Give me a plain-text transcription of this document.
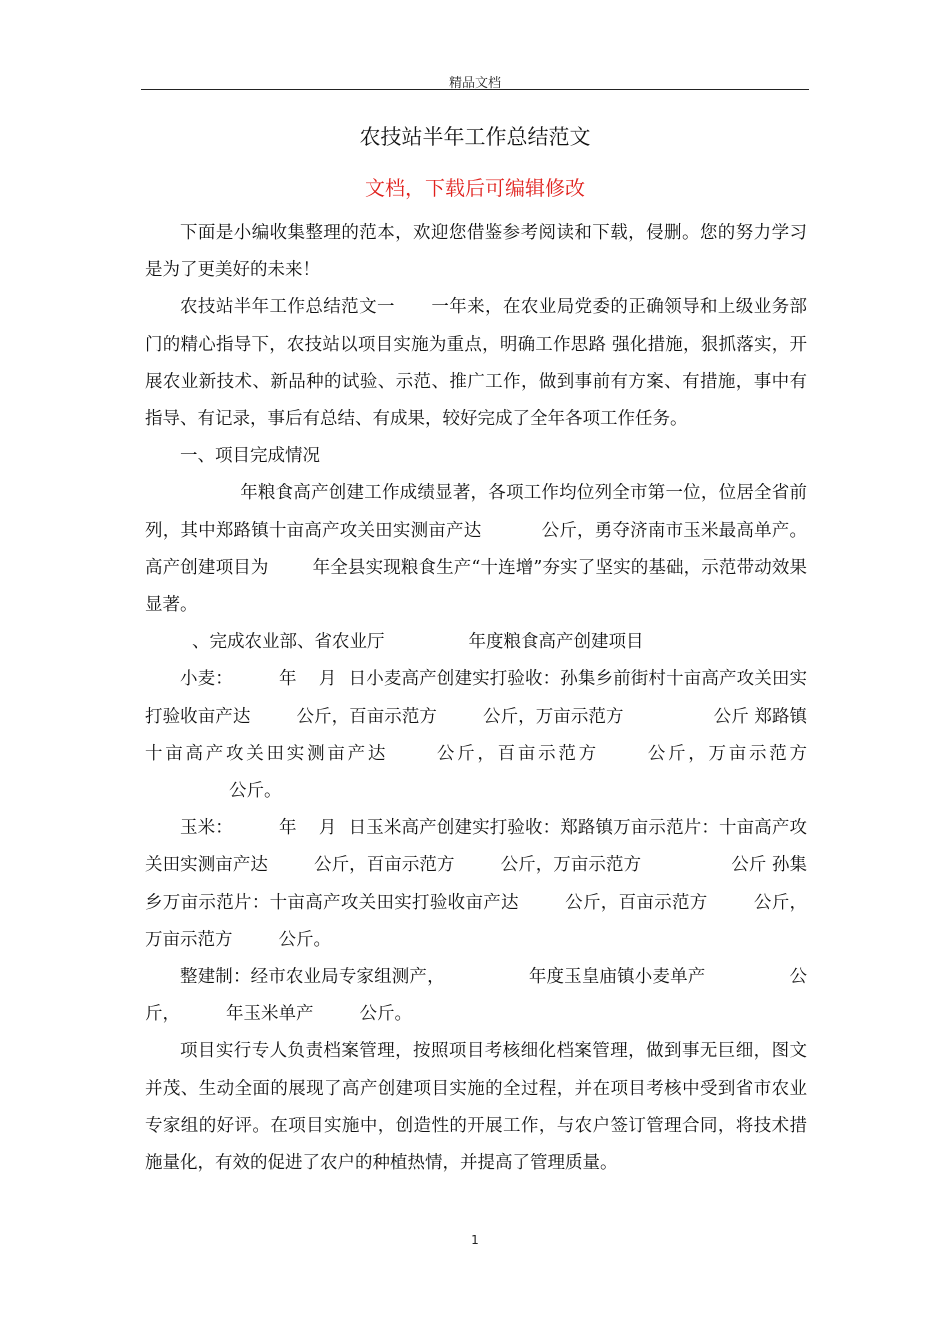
精品文档
农技站半年工作总结范文
文档，下载后可编辑修改

下面是小编收集整理的范本，欢迎您借鉴参考阅读和下载，侵删。您的努力学习是为了更美好的未来！

农技站半年工作总结范文一 一年来，在农业局党委的正确领导和上级业务部门的精心指导下，农技站以项目实施为重点，明确工作思路 强化措施，狠抓落实，开展农业新技术、新品种的试验、示范、推广工作，做到事前有方案、有措施，事中有指导、有记录，事后有总结、有成果，较好完成了全年各项工作任务。

一、项目完成情况

年粮食高产创建工作成绩显著，各项工作均位列全市第一位，位居全省前列，其中郑路镇十亩高产攻关田实测亩产达	公斤，勇夺济南市玉米最高单产。高产创建项目为	年全县实现粮食生产“十连增”夯实了坚实的基础，示范带动效果显著。

、完成农业部、省农业厅	年度粮食高产创建项目

小麦：	年 月 日小麦高产创建实打验收：孙集乡前街村十亩高产攻关田实打验收亩产达	公斤，百亩示范方	公斤，万亩示范方	公斤 郑路镇十亩高产攻关田实测亩产达	公斤，百亩示范方	公斤，万亩示范方公斤。

玉米：	年 月 日玉米高产创建实打验收：郑路镇万亩示范片：十亩高产攻关田实测亩产达	公斤，百亩示范方	公斤，万亩示范方	公斤 孙集乡万亩示范片：十亩高产攻关田实打验收亩产达	公斤，百亩示范方	公斤，万亩示范方	公斤。

整建制：经市农业局专家组测产，	年度玉皇庙镇小麦单产	公斤，	年玉米单产	公斤。

项目实行专人负责档案管理，按照项目考核细化档案管理，做到事无巨细，图文并茂、生动全面的展现了高产创建项目实施的全过程，并在项目考核中受到省市农业专家组的好评。在项目实施中，创造性的开展工作，与农户签订管理合同，将技术措施量化，有效的促进了农户的种植热情，并提高了管理质量。

1
